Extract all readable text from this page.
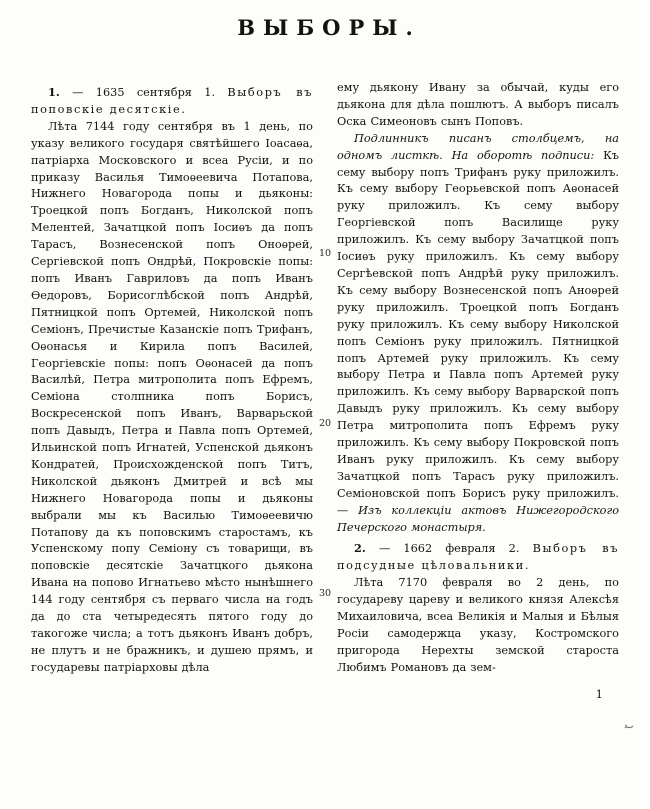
ВЫБОРЫ.

1. — 1635 сентября 1. Выборъ въ поповскіе десятскіе.

Лѣта 7144 году сентября въ 1 день, по указу великого государя святѣйшего Іоасаѳа, патріарха Московского и всеа Русіи, и по приказу Василья Тимоѳеевича Потапова, Нижнего Новагорода попы и дьяконы: Троецкой попъ Богданъ, Николской попъ Мелентей, Зачатцкой попъ Іосиѳъ да попъ Тарасъ, Вознесенской попъ Оноѳрей, Сергіевской попъ Ондрѣй, Покровскіе попы: попъ Иванъ Гавриловъ да попъ Иванъ Ѳедоровъ, Борисоглѣбской попъ Андрѣй, Пятницкой попъ Ортемей, Николской попъ Семіонъ, Пречистые Казанскіе попъ Трифанъ, Оѳонасья и Кирила попъ Василей, Георгіевскіе попы: попъ Оѳонасей да попъ Василѣй, Петра митрополита попъ Ефремъ, Семіона столпника попъ Борисъ, Воскресенской попъ Иванъ, Варварьской попъ Давыдъ, Петра и Павла попъ Ортемей, Ильинской попъ Игнатей, Успенской дьяконъ Кондратей, Происхожденской попъ Титъ, Николской дьяконъ Дмитрей и всѣ мы Нижнего Новагорода попы и дьяконы выбрали мы къ Василью Тимоѳеевичю Потапову да къ поповскимъ старостамъ, къ Успенскому попу Семіону съ товарищи, въ поповскіе десятскіе Зачатцкого дьякона Ивана на попово Игнатьево мѣсто нынѣшнего 144 году сентября съ перваго числа на годъ да до ста четыредесять пятого году до такогоже числа; а тотъ дьяконъ Иванъ добръ, не плутъ и не бражникъ, и душею прямъ, и государевы патріарховы дѣла

10
20
30

ему дьякону Ивану за обычай, куды его дьякона для дѣла пошлютъ. А выборъ писалъ Оска Симеоновъ сынъ Поповъ.

Подлинникъ писанъ столбцемъ, на одномъ листкѣ. На оборотѣ подписи: Къ сему выбору попъ Трифанъ руку приложилъ. Къ сему выбору Георьевской попъ Аѳонасей руку приложилъ. Къ сему выбору Георгіевской попъ Василище руку приложилъ. Къ сему выбору Зачатцкой попъ Іосиѳъ руку приложилъ. Къ сему выбору Сергѣевской попъ Андрѣй руку приложилъ. Къ сему выбору Вознесенской попъ Аноѳрей руку приложилъ. Троецкой попъ Богданъ руку приложилъ. Къ сему выбору Николской попъ Семіонъ руку приложилъ. Пятницкой попъ Артемей руку приложилъ. Къ сему выбору Петра и Павла попъ Артемей руку приложилъ. Къ сему выбору Варварской попъ Давыдъ руку приложилъ. Къ сему выбору Петра митрополита попъ Ефремъ руку приложилъ. Къ сему выбору Покровской попъ Иванъ руку приложилъ. Къ сему выбору Зачатцкой попъ Тарасъ руку приложилъ. Семіоновской попъ Борисъ руку приложилъ. — Изъ коллекціи актовъ Нижегородского Печерского монастыря.

2. — 1662 февраля 2. Выборъ въ подсудные цѣловальники.

Лѣта 7170 февраля во 2 день, по государеву цареву и великого князя Алексѣя Михаиловича, всеа Великія и Малыя и Бѣлыя Росіи самодержца указу, Костромского пригорода Нерехты земской староста Любимъ Романовъ да зем-

1
